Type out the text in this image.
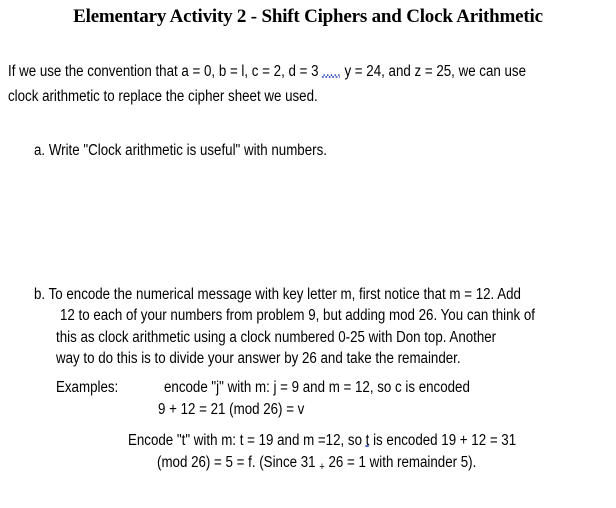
Elementary Activity 2 - Shift Ciphers and Clock Arithmetic
If we use the convention that a = 0, b = l, c = 2, d = 3 ..... y = 24, and z = 25, we can use
clock arithmetic to replace the cipher sheet we used.
a. Write "Clock arithmetic is useful" with numbers.
b. To encode the numerical message with key letter m, first notice that m = 12. Add
12 to each of your numbers from problem 9, but adding mod 26. You can think of
this as clock arithmetic using a clock numbered 0-25 with Don top. Another
way to do this is to divide your answer by 26 and take the remainder.
Examples:	encode "j" with m: j = 9 and m = 12, so c is encoded
9 + 12 = 21 (mod 26) = v
Encode "t" with m: t = 19 and m =12, so t is encoded 19 + 12 = 31
(mod 26) = 5 = f. (Since 31 + 26 = 1 with remainder 5).
